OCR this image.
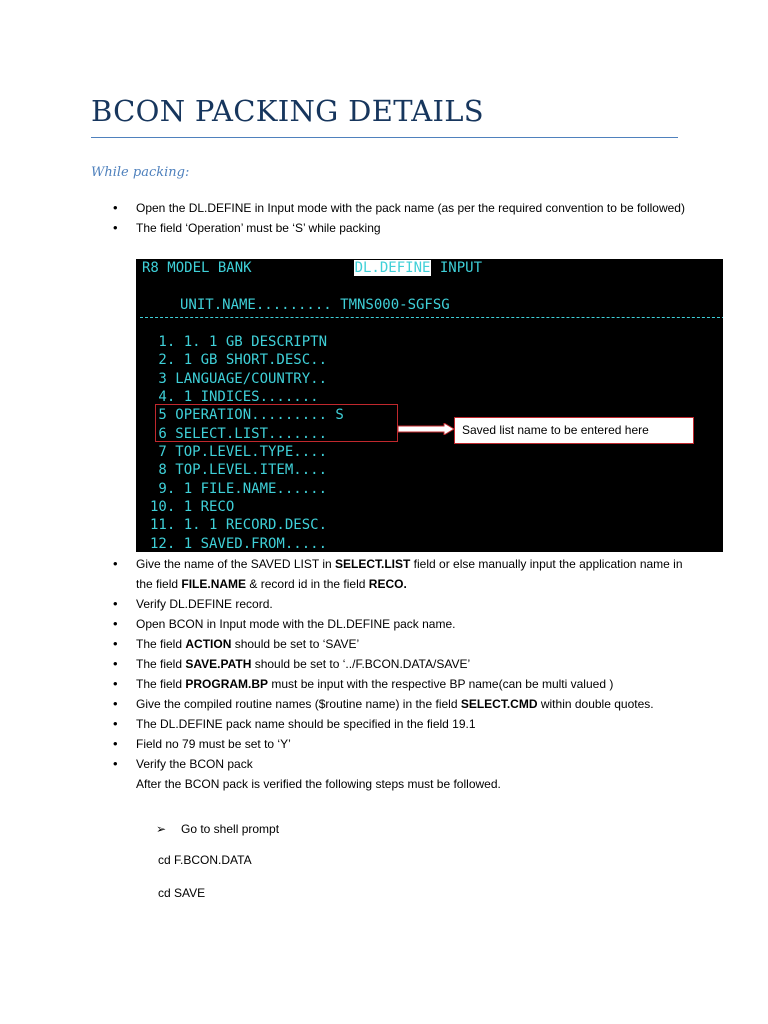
BCON PACKING DETAILS
While packing:
• Open the DL.DEFINE in Input mode with the pack name (as per the required convention to be followed)
• The field ‘Operation’ must be ‘S’ while packing
R8 MODEL BANK	DL.DEFINE INPUT
UNIT.NAME......... TMNS000-SGFSG
1. 1. 1 GB DESCRIPTN
2. 1 GB SHORT.DESC..
3 LANGUAGE/COUNTRY..
4. 1 INDICES.......
5 OPERATION......... S
6 SELECT.LIST.......
7 TOP.LEVEL.TYPE....
8 TOP.LEVEL.ITEM....
9. 1 FILE.NAME......
10. 1 RECO
11. 1. 1 RECORD.DESC.
12. 1 SAVED.FROM.....
Saved list name to be entered here
• Give the name of the SAVED LIST in SELECT.LIST field or else manually input the application name in the field FILE.NAME & record id in the field RECO.
• Verify DL.DEFINE record.
• Open BCON in Input mode with the DL.DEFINE pack name.
• The field ACTION should be set to ‘SAVE’
• The field SAVE.PATH should be set to ‘../F.BCON.DATA/SAVE’
• The field PROGRAM.BP must be input with the respective BP name(can be multi valued )
• Give the compiled routine names ($routine name) in the field SELECT.CMD within double quotes.
• The DL.DEFINE pack name should be specified in the field 19.1
• Field no 79 must be set to ‘Y’
• Verify the BCON pack
After the BCON pack is verified the following steps must be followed.
➢ Go to shell prompt
cd F.BCON.DATA
cd SAVE
